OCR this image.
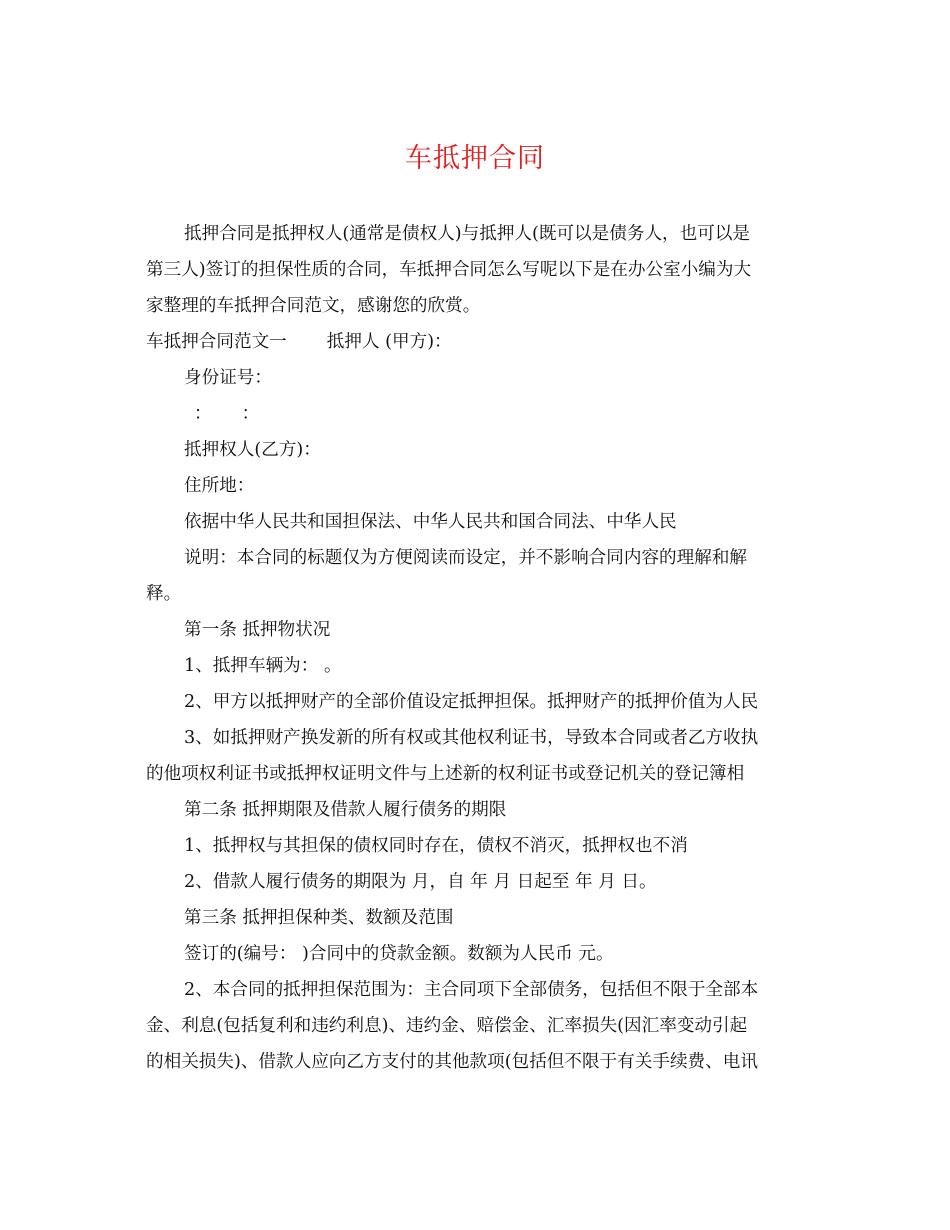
车抵押合同
抵押合同是抵押权人(通常是债权人)与抵押人(既可以是债务人，也可以是
第三人)签订的担保性质的合同，车抵押合同怎么写呢以下是在办公室小编为大
家整理的车抵押合同范文，感谢您的欣赏。
车抵押合同范文一 抵押人 (甲方)：
身份证号：
： ：
抵押权人(乙方)：
住所地：
依据中华人民共和国担保法、中华人民共和国合同法、中华人民
说明：本合同的标题仅为方便阅读而设定，并不影响合同内容的理解和解
释。
第一条 抵押物状况
1、抵押车辆为： 。
2、甲方以抵押财产的全部价值设定抵押担保。抵押财产的抵押价值为人民
3、如抵押财产换发新的所有权或其他权利证书，导致本合同或者乙方收执
的他项权利证书或抵押权证明文件与上述新的权利证书或登记机关的登记簿相
第二条 抵押期限及借款人履行债务的期限
1、抵押权与其担保的债权同时存在，债权不消灭，抵押权也不消
2、借款人履行债务的期限为 月，自 年 月 日起至 年 月 日。
第三条 抵押担保种类、数额及范围
签订的(编号： )合同中的贷款金额。数额为人民币 元。
2、本合同的抵押担保范围为：主合同项下全部债务，包括但不限于全部本
金、利息(包括复利和违约利息)、违约金、赔偿金、汇率损失(因汇率变动引起
的相关损失)、借款人应向乙方支付的其他款项(包括但不限于有关手续费、电讯
